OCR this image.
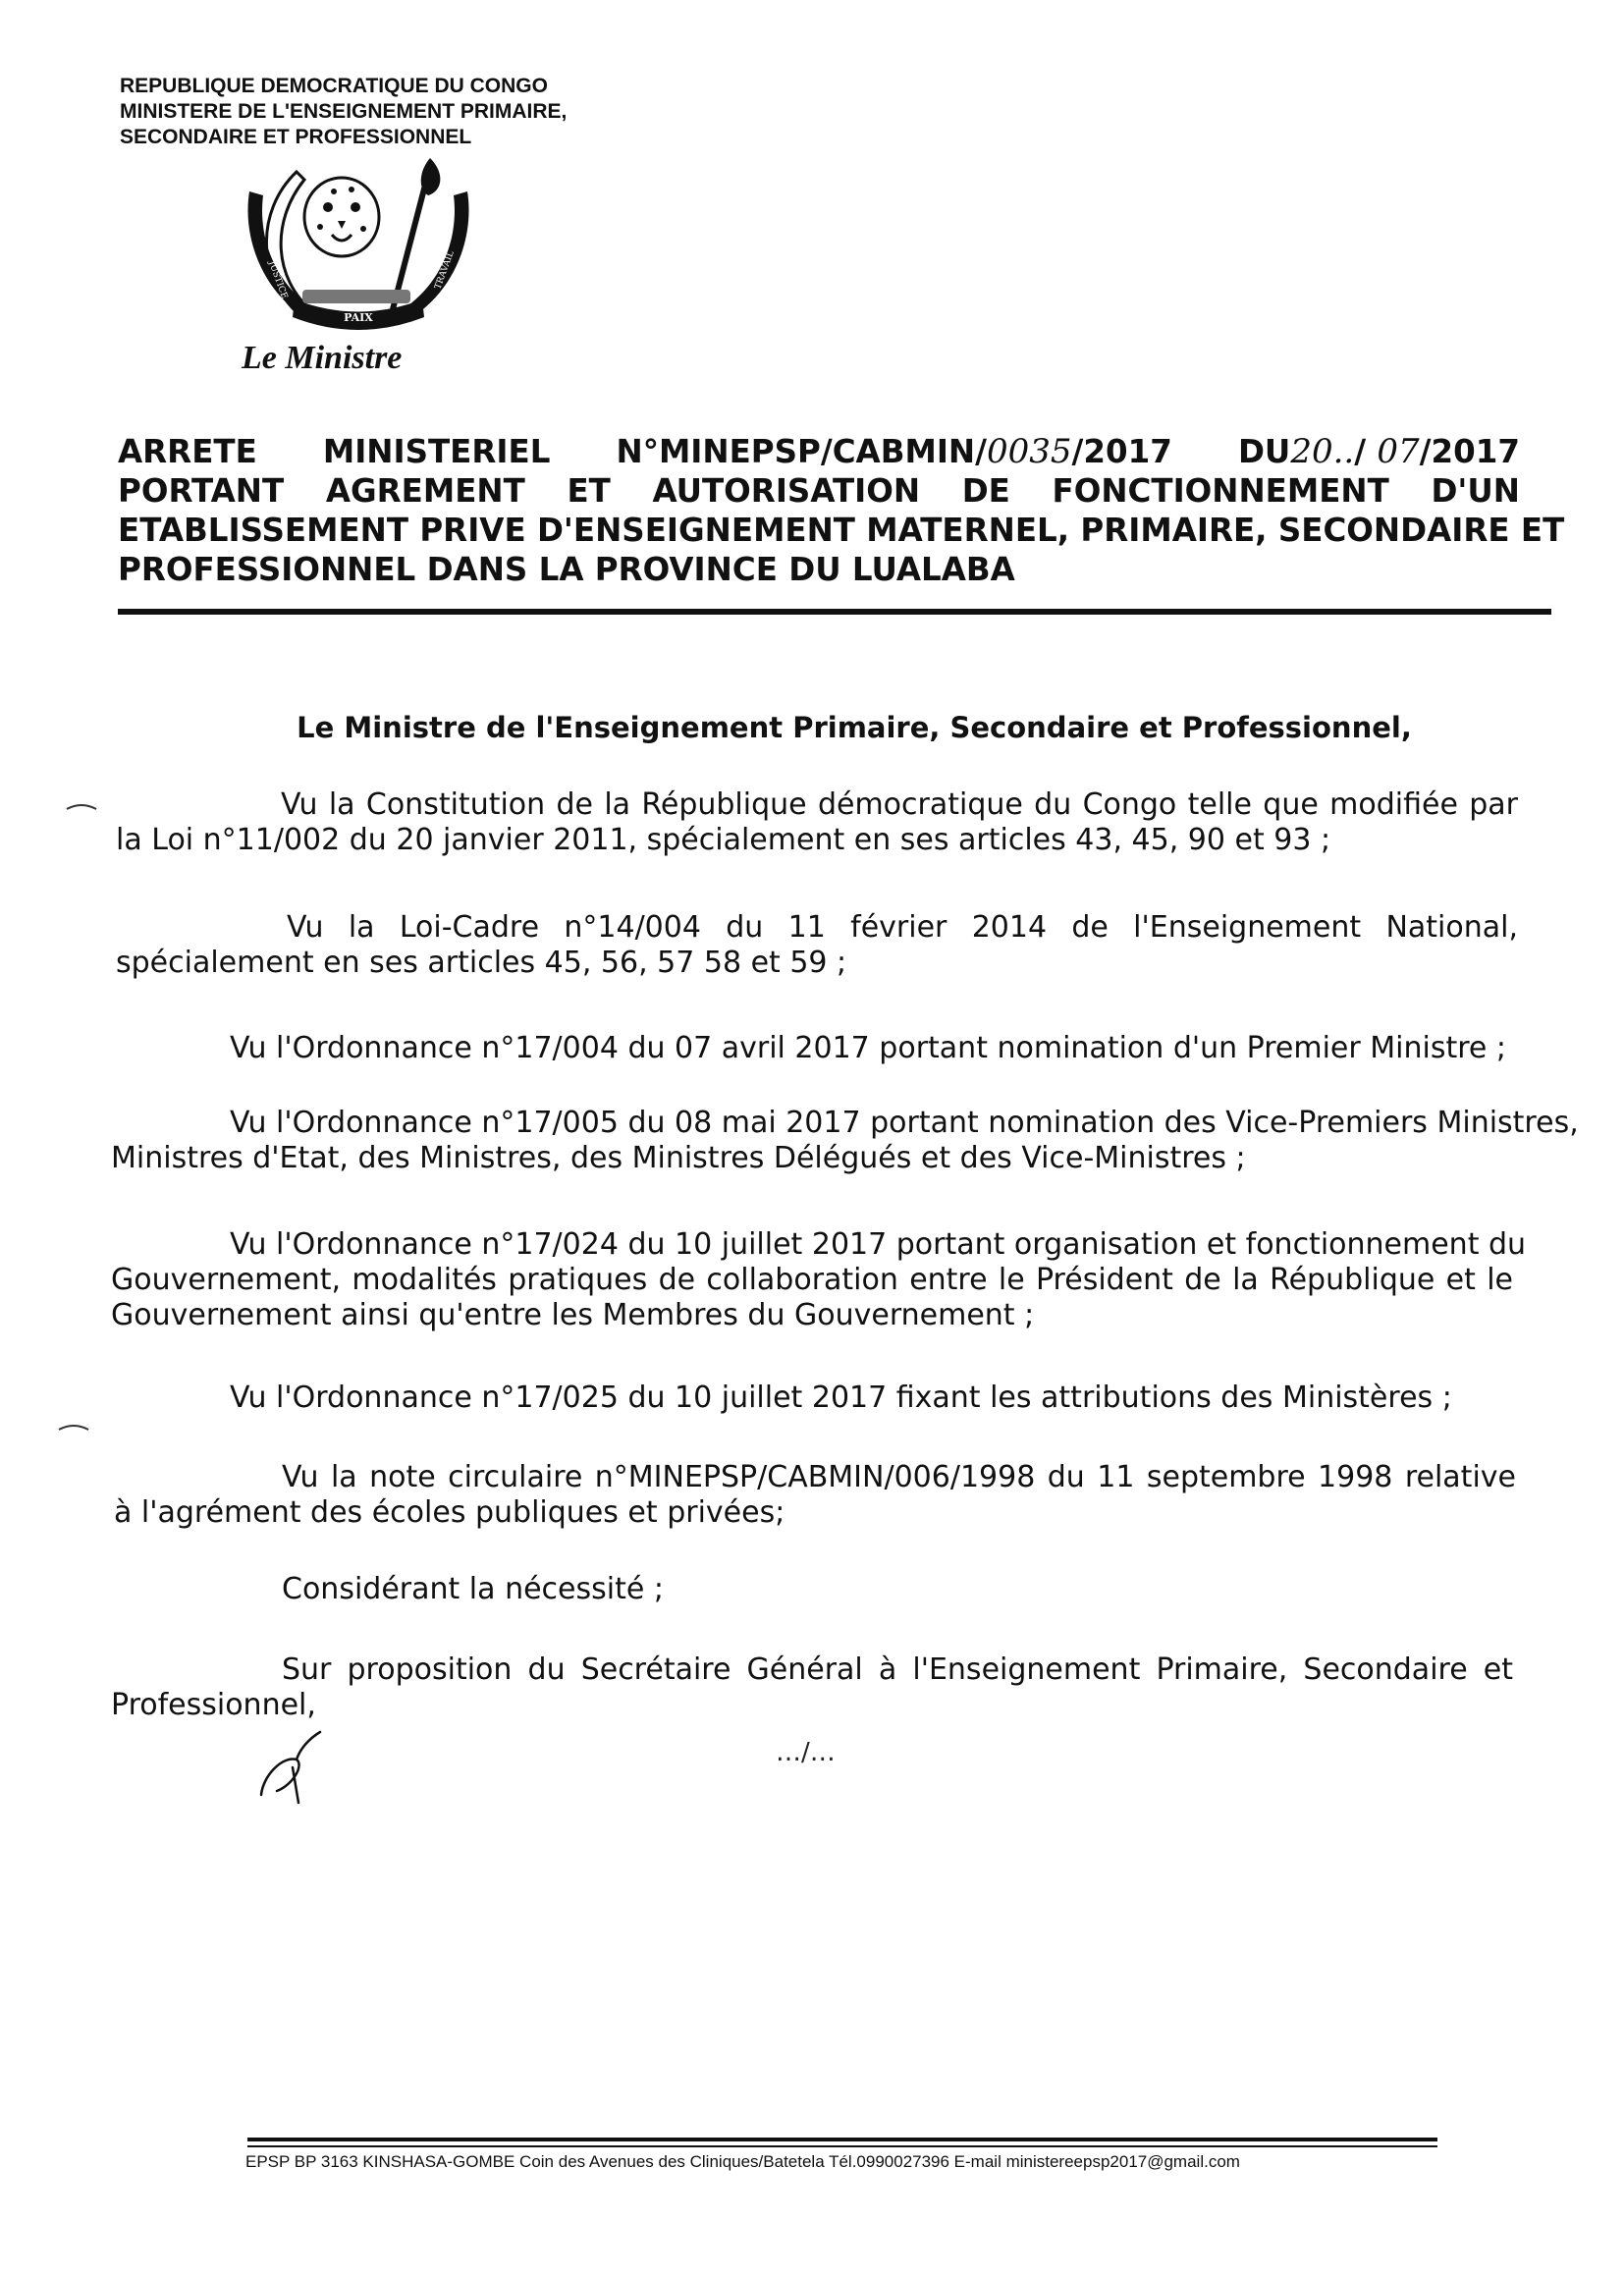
REPUBLIQUE DEMOCRATIQUE DU CONGO
MINISTERE DE L'ENSEIGNEMENT PRIMAIRE,
SECONDAIRE ET PROFESSIONNEL
PAIX
JUSTICE	TRAVAIL
Le Ministre
ARRETE MINISTERIEL N°MINEPSP/CABMIN/0035/2017 DU20../ 07/2017
PORTANT AGREMENT ET AUTORISATION DE FONCTIONNEMENT D'UN
ETABLISSEMENT PRIVE D'ENSEIGNEMENT MATERNEL, PRIMAIRE, SECONDAIRE ET
PROFESSIONNEL DANS LA PROVINCE DU LUALABA
Le Ministre de l'Enseignement Primaire, Secondaire et Professionnel,
Vu la Constitution de la République démocratique du Congo telle que modifiée par
la Loi n°11/002 du 20 janvier 2011, spécialement en ses articles 43, 45, 90 et 93 ;
Vu la Loi-Cadre n°14/004 du 11 février 2014 de l'Enseignement National,
spécialement en ses articles 45, 56, 57 58 et 59 ;
Vu l'Ordonnance n°17/004 du 07 avril 2017 portant nomination d'un Premier Ministre ;
Vu l'Ordonnance n°17/005 du 08 mai 2017 portant nomination des Vice-Premiers Ministres,
Ministres d'Etat, des Ministres, des Ministres Délégués et des Vice-Ministres ;
Vu l'Ordonnance n°17/024 du 10 juillet 2017 portant organisation et fonctionnement du
Gouvernement, modalités pratiques de collaboration entre le Président de la République et le
Gouvernement ainsi qu'entre les Membres du Gouvernement ;
Vu l'Ordonnance n°17/025 du 10 juillet 2017 fixant les attributions des Ministères ;
Vu la note circulaire n°MINEPSP/CABMIN/006/1998 du 11 septembre 1998 relative
à l'agrément des écoles publiques et privées;
Considérant la nécessité ;
Sur proposition du Secrétaire Général à l'Enseignement Primaire, Secondaire et
Professionnel,
…/…
EPSP BP 3163 KINSHASA-GOMBE Coin des Avenues des Cliniques/Batetela Tél.0990027396 E-mail ministereepsp2017@gmail.com
